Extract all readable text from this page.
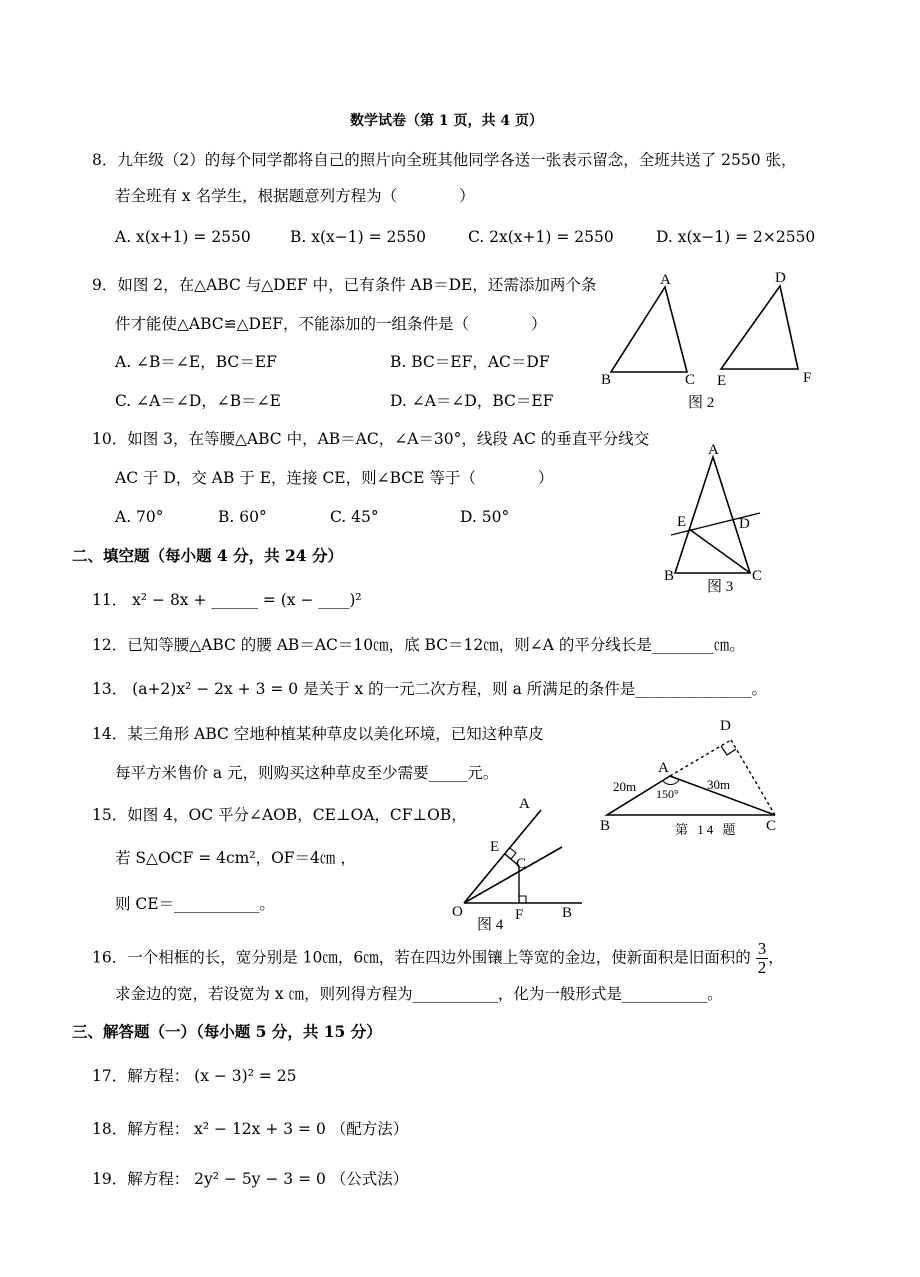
数学试卷（第 1 页，共 4 页）
8．九年级（2）的每个同学都将自己的照片向全班其他同学各送一张表示留念，全班共送了 2550 张，
若全班有 x 名学生，根据题意列方程为（　　　　）
A. x(x+1) = 2550	B. x(x−1) = 2550	C. 2x(x+1) = 2550	D. x(x−1) = 2×2550
9．如图 2，在△ABC 与△DEF 中，已有条件 AB＝DE，还需添加两个条
件才能使△ABC≌△DEF，不能添加的一组条件是（　　　　）
A. ∠B＝∠E，BC＝EF	B. BC＝EF，AC＝DF
C. ∠A＝∠D，∠B＝∠E	D. ∠A＝∠D，BC＝EF
A
B	C
D
E	F
图 2
10．如图 3，在等腰△ABC 中，AB＝AC，∠A＝30°，线段 AC 的垂直平分线交
AC 于 D，交 AB 于 E，连接 CE，则∠BCE 等于（　　　　）
A. 70°	B. 60°	C. 45°	D. 50°
A
B	C
D
E
图 3
二、填空题（每小题 4 分，共 24 分）
11． x² − 8x + ______ = (x − ____)²
12．已知等腰△ABC 的腰 AB＝AC＝10㎝，底 BC＝12㎝，则∠A 的平分线长是________㎝。
13． (a+2)x² − 2x + 3 = 0 是关于 x 的一元二次方程，则 a 所满足的条件是_______________。
14．某三角形 ABC 空地种植某种草皮以美化环境，已知这种草皮
每平方米售价 a 元，则购买这种草皮至少需要_____元。
D
A
B	C
20m	30m
150°
第 14 题
15．如图 4，OC 平分∠AOB，CE⊥OA，CF⊥OB，
若 S△OCF = 4cm²，OF＝4㎝ ，
则 CE＝___________。
A
B
C
E
F
O
图 4
16．一个相框的长，宽分别是 10㎝，6㎝，若在四边外围镶上等宽的金边，使新面积是旧面积的 $\frac{3}{2}$ ，
求金边的宽，若设宽为 x ㎝，则列得方程为___________，化为一般形式是___________。
三、解答题（一）（每小题 5 分，共 15 分）
17．解方程： (x − 3)² = 25
18．解方程： x² − 12x + 3 = 0 （配方法）
19．解方程： 2y² − 5y − 3 = 0 （公式法）
